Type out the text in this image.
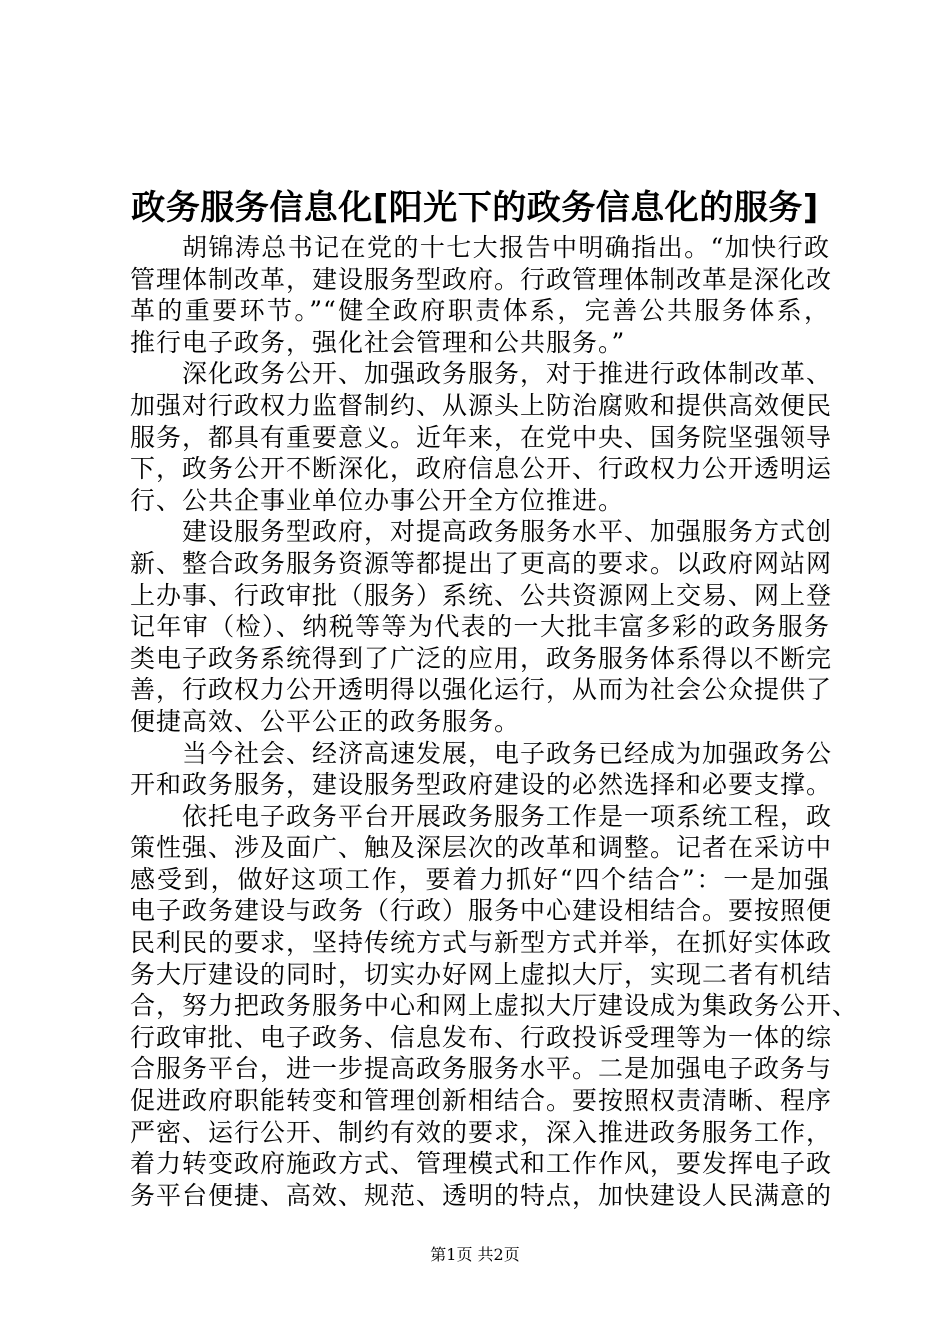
政务服务信息化[阳光下的政务信息化的服务]
胡锦涛总书记在党的十七大报告中明确指出。“加快行政
管理体制改革，建设服务型政府。行政管理体制改革是深化改
革的重要环节。”“健全政府职责体系，完善公共服务体系，
推行电子政务，强化社会管理和公共服务。”
深化政务公开、加强政务服务，对于推进行政体制改革、
加强对行政权力监督制约、从源头上防治腐败和提供高效便民
服务，都具有重要意义。近年来，在党中央、国务院坚强领导
下，政务公开不断深化，政府信息公开、行政权力公开透明运
行、公共企事业单位办事公开全方位推进。
建设服务型政府，对提高政务服务水平、加强服务方式创
新、整合政务服务资源等都提出了更高的要求。以政府网站网
上办事、行政审批（服务）系统、公共资源网上交易、网上登
记年审（检）、纳税等等为代表的一大批丰富多彩的政务服务
类电子政务系统得到了广泛的应用，政务服务体系得以不断完
善，行政权力公开透明得以强化运行，从而为社会公众提供了
便捷高效、公平公正的政务服务。
当今社会、经济高速发展，电子政务已经成为加强政务公
开和政务服务，建设服务型政府建设的必然选择和必要支撑。
依托电子政务平台开展政务服务工作是一项系统工程，政
策性强、涉及面广、触及深层次的改革和调整。记者在采访中
感受到，做好这项工作，要着力抓好“四个结合”：一是加强
电子政务建设与政务（行政）服务中心建设相结合。要按照便
民利民的要求，坚持传统方式与新型方式并举，在抓好实体政
务大厅建设的同时，切实办好网上虚拟大厅，实现二者有机结
合，努力把政务服务中心和网上虚拟大厅建设成为集政务公开、
行政审批、电子政务、信息发布、行政投诉受理等为一体的综
合服务平台，进一步提高政务服务水平。二是加强电子政务与
促进政府职能转变和管理创新相结合。要按照权责清晰、程序
严密、运行公开、制约有效的要求，深入推进政务服务工作，
着力转变政府施政方式、管理模式和工作作风，要发挥电子政
务平台便捷、高效、规范、透明的特点，加快建设人民满意的
第1页 共2页
